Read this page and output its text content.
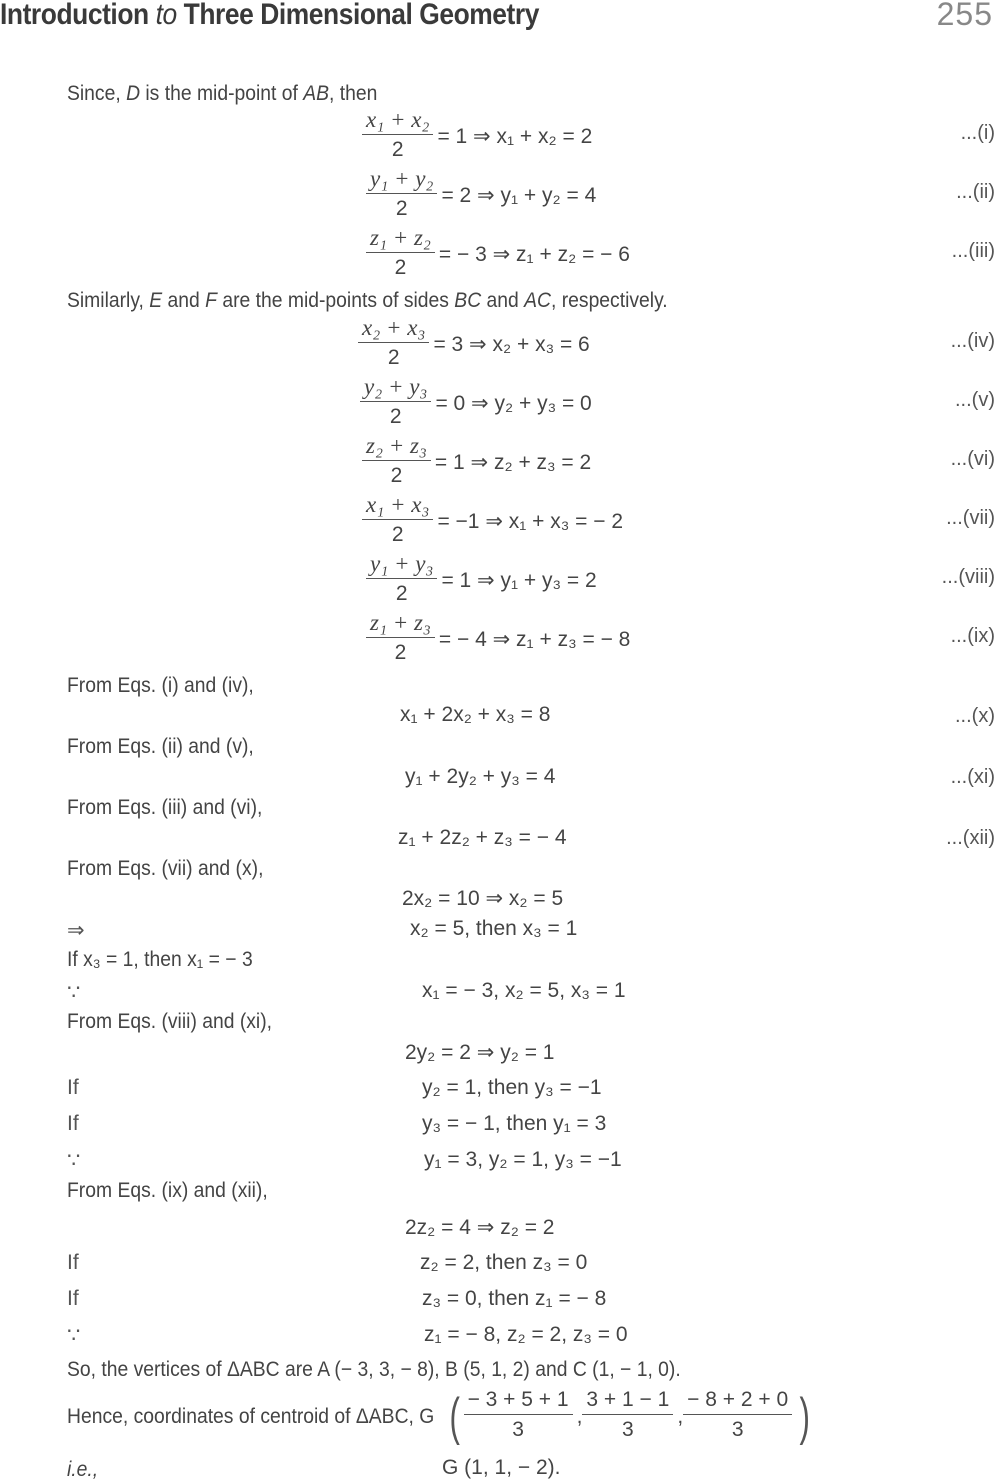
Introduction to Three Dimensional Geometry	255
Since, D is the mid-point of AB, then
$\frac{\text{x₁ + x₂}}{2} = 1$ ⇒ x₁ + x₂ = 2	...(i)
$\frac{\text{y₁ + y₂}}{2} = 2$ ⇒ y₁ + y₂ = 4	...(ii)
$\frac{\text{z₁ + z₂}}{2}$ = − 3 ⇒ z₁ + z₂ = − 6	...(iii)
Similarly, E and F are the mid-points of sides BC and AC, respectively.
$\frac{\text{x₂ + x₃}}{2} = 3$ ⇒ x₂ + x₃ = 6	...(iv)
$\frac{\text{y₂ + y₃}}{2} = 0$ ⇒ y₂ + y₃ = 0	...(v)
$\frac{\text{z₂ + z₃}}{2} = 1$ ⇒ z₂ + z₃ = 2	...(vi)
$\frac{\text{x₁ + x₃}}{2} = -1$ ⇒ x₁ + x₃ = − 2	...(vii)
$\frac{\text{y₁ + y₃}}{2} = 1$ ⇒ y₁ + y₃ = 2	...(viii)
$\frac{\text{z₁ + z₃}}{2}$ = − 4 ⇒ z₁ + z₃ = − 8	...(ix)
From Eqs. (i) and (iv),
x₁ + 2x₂ + x₃ = 8	...(x)
From Eqs. (ii) and (v),
y₁ + 2y₂ + y₃ = 4	...(xi)
From Eqs. (iii) and (vi),
z₁ + 2z₂ + z₃ = − 4	...(xii)
From Eqs. (vii) and (x),
2x₂ = 10 ⇒ x₂ = 5
⇒	x₂ = 5, then x₃ = 1
If x₃ = 1, then x₁ = − 3
∵	x₁ = − 3, x₂ = 5, x₃ = 1
From Eqs. (viii) and (xi),
2y₂ = 2 ⇒ y₂ = 1
If	y₂ = 1, then y₃ = −1
If	y₃ = − 1, then y₁ = 3
∵	y₁ = 3, y₂ = 1, y₃ = −1
From Eqs. (ix) and (xii),
2z₂ = 4 ⇒ z₂ = 2
If	z₂ = 2, then z₃ = 0
If	z₃ = 0, then z₁ = − 8
∵	z₁ = − 8, z₂ = 2, z₃ = 0
So, the vertices of ΔABC are A (− 3, 3, − 8), B (5, 1, 2) and C (1, − 1, 0).
Hence, coordinates of centroid of ΔABC, G ( $\frac{- 3 + 5 + 1}{3}$ , $\frac{3 + 1 - 1}{3}$ , $\frac{- 8 + 2 + 0}{3}$ )
i.e.,	G (1, 1, − 2).
